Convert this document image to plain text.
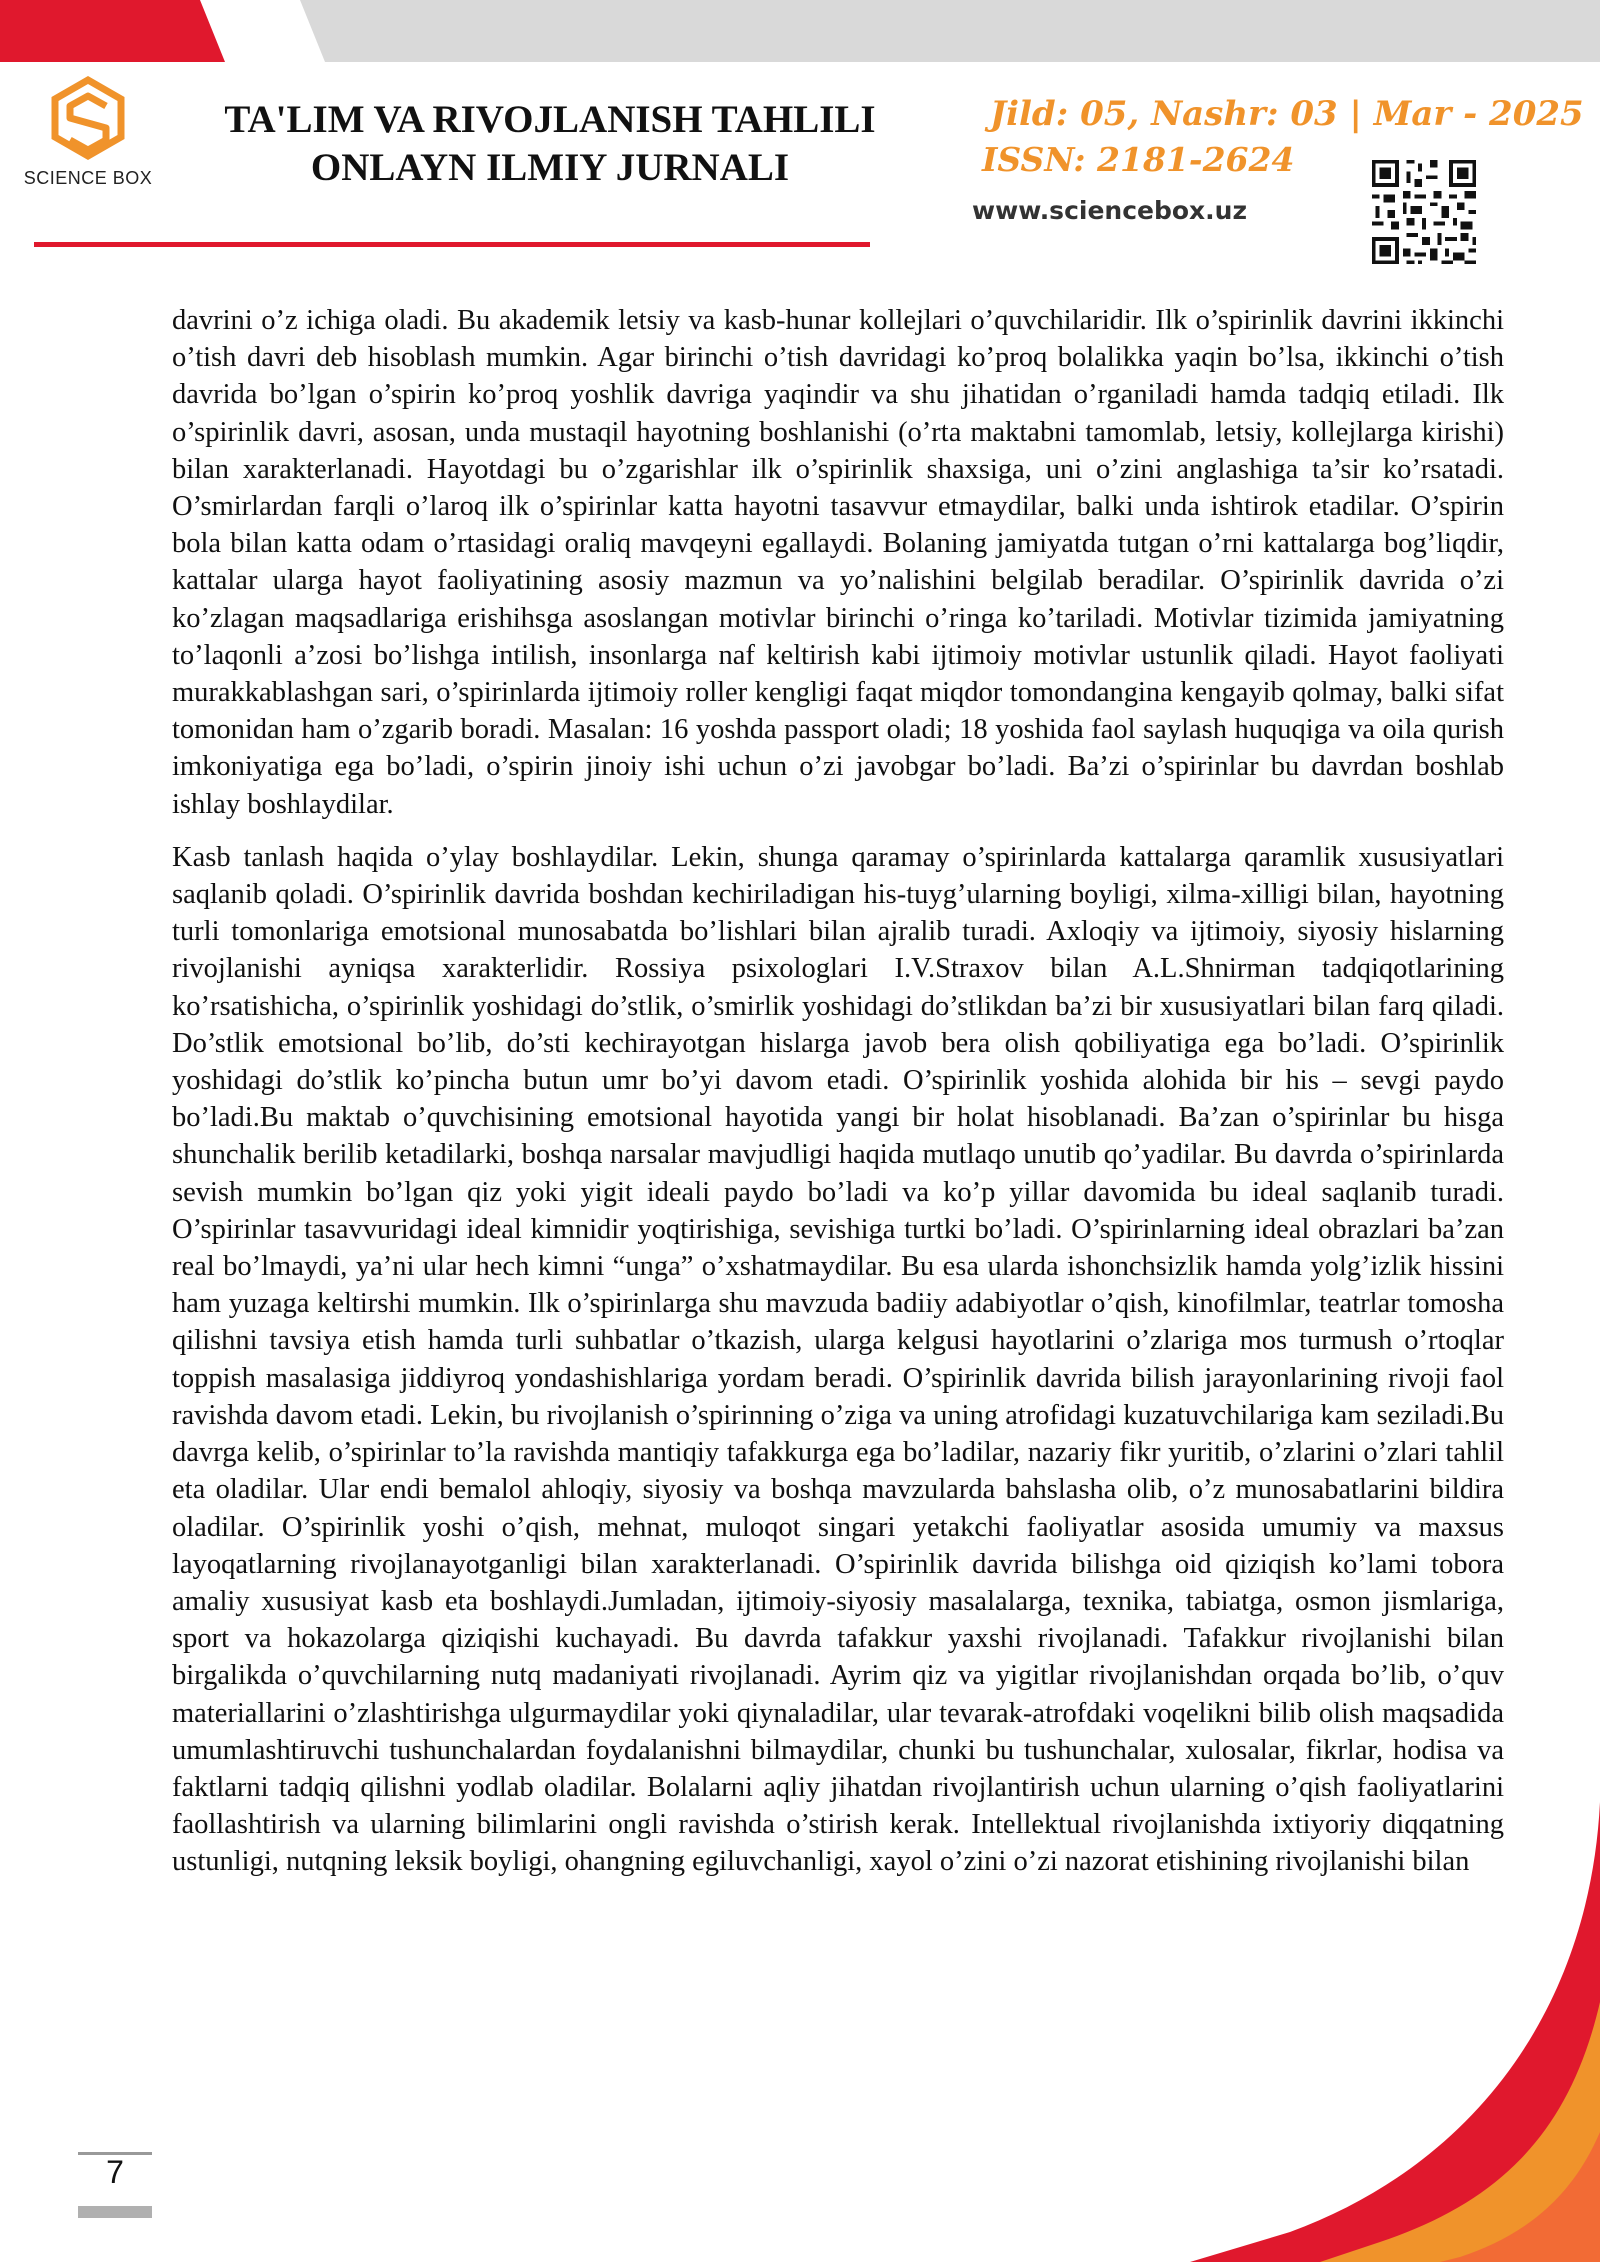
SCIENCE BOX
TA'LIM VA RIVOJLANISH TAHLILI
ONLAYN ILMIY JURNALI
Jild: 05, Nashr: 03 | Mar - 2025
ISSN: 2181-2624
www.sciencebox.uz

davrini o’z ichiga oladi. Bu akademik letsiy va kasb-hunar kollejlari o’quvchilaridir. Ilk o’spirinlik davrini ikkinchi o’tish davri deb hisoblash mumkin. Agar birinchi o’tish davridagi ko’proq bolalikka yaqin bo’lsa, ikkinchi o’tish davrida bo’lgan o’spirin ko’proq yoshlik davriga yaqindir va shu jihatidan o’rganiladi hamda tadqiq etiladi. Ilk o’spirinlik davri, asosan, unda mustaqil hayotning boshlanishi (o’rta maktabni tamomlab, letsiy, kollejlarga kirishi) bilan xarakterlanadi. Hayotdagi bu o’zgarishlar ilk o’spirinlik shaxsiga, uni o’zini anglashiga ta’sir ko’rsatadi. O’smirlardan farqli o’laroq ilk o’spirinlar katta hayotni tasavvur etmaydilar, balki unda ishtirok etadilar. O’spirin bola bilan katta odam o’rtasidagi oraliq mavqeyni egallaydi. Bolaning jamiyatda tutgan o’rni kattalarga bog’liqdir, kattalar ularga hayot faoliyatining asosiy mazmun va yo’nalishini belgilab beradilar. O’spirinlik davrida o’zi ko’zlagan maqsadlariga erishihsga asoslangan motivlar birinchi o’ringa ko’tariladi. Motivlar tizimida jamiyatning to’laqonli a’zosi bo’lishga intilish, insonlarga naf keltirish kabi ijtimoiy motivlar ustunlik qiladi. Hayot faoliyati murakkablashgan sari, o’spirinlarda ijtimoiy roller kengligi faqat miqdor tomondangina kengayib qolmay, balki sifat tomonidan ham o’zgarib boradi. Masalan: 16 yoshda passport oladi; 18 yoshida faol saylash huquqiga va oila qurish imkoniyatiga ega bo’ladi, o’spirin jinoiy ishi uchun o’zi javobgar bo’ladi. Ba’zi o’spirinlar bu davrdan boshlab ishlay boshlaydilar.

Kasb tanlash haqida o’ylay boshlaydilar. Lekin, shunga qaramay o’spirinlarda kattalarga qaramlik xususiyatlari saqlanib qoladi. O’spirinlik davrida boshdan kechiriladigan his-tuyg’ularning boyligi, xilma-xilligi bilan, hayotning turli tomonlariga emotsional munosabatda bo’lishlari bilan ajralib turadi. Axloqiy va ijtimoiy, siyosiy hislarning rivojlanishi ayniqsa xarakterlidir. Rossiya psixologlari I.V.Straxov bilan A.L.Shnirman tadqiqotlarining ko’rsatishicha, o’spirinlik yoshidagi do’stlik, o’smirlik yoshidagi do’stlikdan ba’zi bir xususiyatlari bilan farq qiladi. Do’stlik emotsional bo’lib, do’sti kechirayotgan hislarga javob bera olish qobiliyatiga ega bo’ladi. O’spirinlik yoshidagi do’stlik ko’pincha butun umr bo’yi davom etadi. O’spirinlik yoshida alohida bir his – sevgi paydo bo’ladi.Bu maktab o’quvchisining emotsional hayotida yangi bir holat hisoblanadi. Ba’zan o’spirinlar bu hisga shunchalik berilib ketadilarki, boshqa narsalar mavjudligi haqida mutlaqo unutib qo’yadilar. Bu davrda o’spirinlarda sevish mumkin bo’lgan qiz yoki yigit ideali paydo bo’ladi va ko’p yillar davomida bu ideal saqlanib turadi. O’spirinlar tasavvuridagi ideal kimnidir yoqtirishiga, sevishiga turtki bo’ladi. O’spirinlarning ideal obrazlari ba’zan real bo’lmaydi, ya’ni ular hech kimni “unga” o’xshatmaydilar. Bu esa ularda ishonchsizlik hamda yolg’izlik hissini ham yuzaga keltirshi mumkin. Ilk o’spirinlarga shu mavzuda badiiy adabiyotlar o’qish, kinofilmlar, teatrlar tomosha qilishni tavsiya etish hamda turli suhbatlar o’tkazish, ularga kelgusi hayotlarini o’zlariga mos turmush o’rtoqlar toppish masalasiga jiddiyroq yondashishlariga yordam beradi. O’spirinlik davrida bilish jarayonlarining rivoji faol ravishda davom etadi. Lekin, bu rivojlanish o’spirinning o’ziga va uning atrofidagi kuzatuvchilariga kam seziladi.Bu davrga kelib, o’spirinlar to’la ravishda mantiqiy tafakkurga ega bo’ladilar, nazariy fikr yuritib, o’zlarini o’zlari tahlil eta oladilar. Ular endi bemalol ahloqiy, siyosiy va boshqa mavzularda bahslasha olib, o’z munosabatlarini bildira oladilar. O’spirinlik yoshi o’qish, mehnat, muloqot singari yetakchi faoliyatlar asosida umumiy va maxsus layoqatlarning rivojlanayotganligi bilan xarakterlanadi. O’spirinlik davrida bilishga oid qiziqish ko’lami tobora amaliy xususiyat kasb eta boshlaydi.Jumladan, ijtimoiy-siyosiy masalalarga, texnika, tabiatga, osmon jismlariga, sport va hokazolarga qiziqishi kuchayadi. Bu davrda tafakkur yaxshi rivojlanadi. Tafakkur rivojlanishi bilan birgalikda o’quvchilarning nutq madaniyati rivojlanadi. Ayrim qiz va yigitlar rivojlanishdan orqada bo’lib, o’quv materiallarini o’zlashtirishga ulgurmaydilar yoki qiynaladilar, ular tevarak-atrofdaki voqelikni bilib olish maqsadida umumlashtiruvchi tushunchalardan foydalanishni bilmaydilar, chunki bu tushunchalar, xulosalar, fikrlar, hodisa va faktlarni tadqiq qilishni yodlab oladilar. Bolalarni aqliy jihatdan rivojlantirish uchun ularning o’qish faoliyatlarini faollashtirish va ularning bilimlarini ongli ravishda o’stirish kerak. Intellektual rivojlanishda ixtiyoriy diqqatning ustunligi, nutqning leksik boyligi, ohangning egiluvchanligi, xayol o’zini o’zi nazorat etishining rivojlanishi bilan

7
